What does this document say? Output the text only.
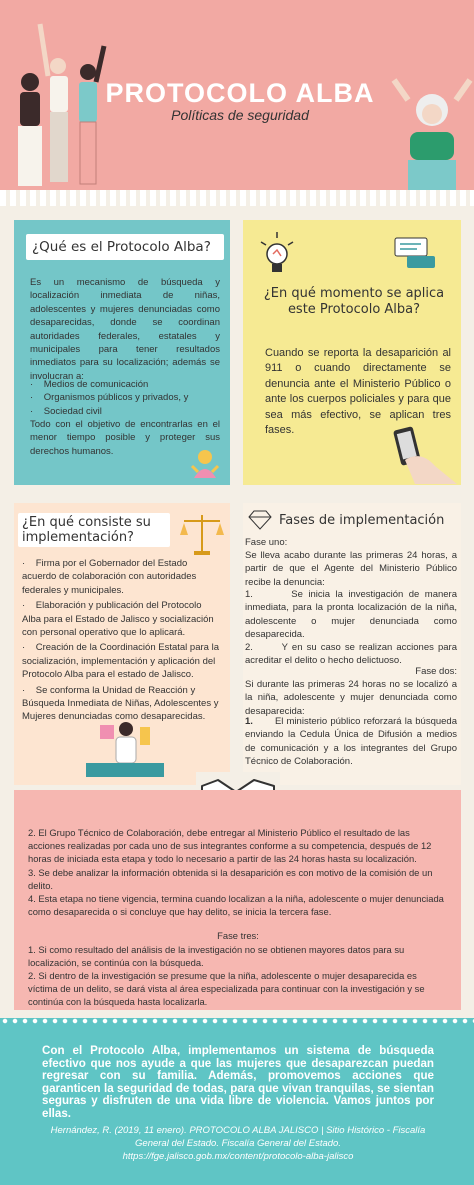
PROTOCOLO ALBA
Políticas de seguridad
¿Qué es el Protocolo Alba?
Es un mecanismo de búsqueda y localización inmediata de niñas, adolescentes y mujeres denunciadas como desaparecidas, donde se coordinan autoridades federales, estatales y municipales para tener resultados inmediatos para su localización; además se involucran a:
·    Medios de comunicación
·    Organismos públicos y privados, y
·    Sociedad civil
Todo con el objetivo de encontrarlas en el menor tiempo posible y proteger sus derechos humanos.
¿En qué momento se aplica este Protocolo Alba?
Cuando se reporta la desaparición al 911 o cuando directamente se denuncia ante el Ministerio Público o ante los cuerpos policiales y para que sea más efectivo, se aplican tres fases.
¿En qué consiste su implementación?
·    Firma por el Gobernador del Estado acuerdo de colaboración con autoridades federales y municipales.
·    Elaboración y publicación del Protocolo Alba para el Estado de Jalisco y socialización con personal operativo que lo aplicará.
·    Creación de la Coordinación Estatal para la socialización, implementación y aplicación del Protocolo Alba para el estado de Jalisco.
·    Se conforma la Unidad de Reacción y Búsqueda Inmediata de Niñas, Adolescentes y Mujeres denunciadas como desaparecidas.
Fases de implementación
Fase uno:
Se lleva acabo durante las primeras 24 horas, a partir de que el Agente del Ministerio Público recibe la denuncia:
1.	Se inicia la investigación de manera inmediata, para la pronta localización de la niña, adolescente o mujer denunciada como desaparecida.
2.	Y en su caso se realizan acciones para acreditar el delito o hecho delictuoso.
Fase dos:
Si durante las primeras 24 horas no se localizó a la niña, adolescente y mujer denunciada como desaparecida:
1. El ministerio público reforzará la búsqueda enviando la Cedula Única de Difusión a medios de comunicación y a los integrantes del Grupo Técnico de Colaboración.
2. El Grupo Técnico de Colaboración, debe entregar al Ministerio Público el resultado de las acciones realizadas por cada uno de sus integrantes conforme a su competencia, después de 12 horas de iniciada esta etapa y todo lo necesario a partir de las 24 horas hasta su localización.
3. Se debe analizar la información obtenida si la desaparición es con motivo de la comisión de un delito.
4. Esta etapa no tiene vigencia, termina cuando localizan a la niña, adolescente o mujer denunciada como desaparecida o si concluye que hay delito, se inicia la tercera fase.
Fase tres:
1. Si como resultado del análisis de la investigación no se obtienen mayores datos para su localización, se continúa con la búsqueda.
2. Si dentro de la investigación se presume que la niña, adolescente o mujer desaparecida es víctima de un delito, se dará vista al área especializada para continuar con la investigación y se continúa con la búsqueda hasta localizarla.
Con el Protocolo Alba, implementamos un sistema de búsqueda efectivo que nos ayude a que las mujeres que desaparezcan puedan regresar con su familia. Además, promovemos acciones que garanticen la seguridad de todas, para que vivan tranquilas, se sientan seguras y disfruten de una vida libre de violencia. Vamos juntos por ellas.
Hernández, R. (2019, 11 enero). PROTOCOLO ALBA JALISCO | Sitio Histórico - Fiscalía General del Estado. Fiscalía General del Estado.
https://fge.jalisco.gob.mx/content/protocolo-alba-jalisco
